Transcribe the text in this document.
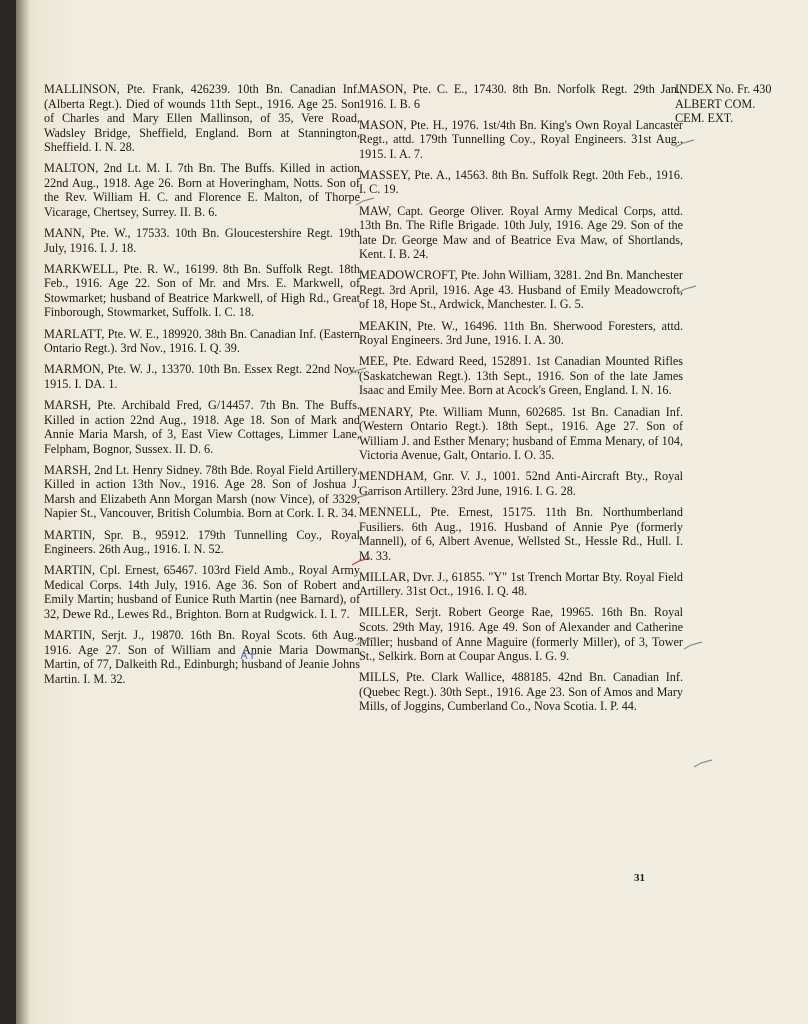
MALLINSON, Pte. Frank, 426239. 10th Bn. Canadian Inf. (Alberta Regt.). Died of wounds 11th Sept., 1916. Age 25. Son of Charles and Mary Ellen Mallinson, of 35, Vere Road, Wadsley Bridge, Sheffield, England. Born at Stannington, Sheffield. I. N. 28.
MALTON, 2nd Lt. M. I. 7th Bn. The Buffs. Killed in action 22nd Aug., 1918. Age 26. Born at Hoveringham, Notts. Son of the Rev. William H. C. and Florence E. Malton, of Thorpe Vicarage, Chertsey, Surrey. II. B. 6.
MANN, Pte. W., 17533. 10th Bn. Gloucestershire Regt. 19th July, 1916. I. J. 18.
MARKWELL, Pte. R. W., 16199. 8th Bn. Suffolk Regt. 18th Feb., 1916. Age 22. Son of Mr. and Mrs. E. Markwell, of Stowmarket; husband of Beatrice Markwell, of High Rd., Great Finborough, Stowmarket, Suffolk. I. C. 18.
MARLATT, Pte. W. E., 189920. 38th Bn. Canadian Inf. (Eastern Ontario Regt.). 3rd Nov., 1916. I. Q. 39.
MARMON, Pte. W. J., 13370. 10th Bn. Essex Regt. 22nd Nov., 1915. I. DA. 1.
MARSH, Pte. Archibald Fred, G/14457. 7th Bn. The Buffs. Killed in action 22nd Aug., 1918. Age 18. Son of Mark and Annie Maria Marsh, of 3, East View Cottages, Limmer Lane, Felpham, Bognor, Sussex. II. D. 6.
MARSH, 2nd Lt. Henry Sidney. 78th Bde. Royal Field Artillery. Killed in action 13th Nov., 1916. Age 28. Son of Joshua J. Marsh and Elizabeth Ann Morgan Marsh (now Vince), of 3329, Napier St., Vancouver, British Columbia. Born at Cork. I. R. 34.
MARTIN, Spr. B., 95912. 179th Tunnelling Coy., Royal Engineers. 26th Aug., 1916. I. N. 52.
MARTIN, Cpl. Ernest, 65467. 103rd Field Amb., Royal Army Medical Corps. 14th July, 1916. Age 36. Son of Robert and Emily Martin; husband of Eunice Ruth Martin (nee Barnard), of 32, Dewe Rd., Lewes Rd., Brighton. Born at Rudgwick. I. I. 7.
MARTIN, Serjt. J., 19870. 16th Bn. Royal Scots. 6th Aug., 1916. Age 27. Son of William and Annie Maria Dowman Martin, of 77, Dalkeith Rd., Edinburgh; husband of Jeanie Johns Martin. I. M. 32.
MASON, Pte. C. E., 17430. 8th Bn. Norfolk Regt. 29th Jan., 1916. I. B. 6
MASON, Pte. H., 1976. 1st/4th Bn. King's Own Royal Lancaster Regt., attd. 179th Tunnelling Coy., Royal Engineers. 31st Aug., 1915. I. A. 7.
MASSEY, Pte. A., 14563. 8th Bn. Suffolk Regt. 20th Feb., 1916. I. C. 19.
MAW, Capt. George Oliver. Royal Army Medical Corps, attd. 13th Bn. The Rifle Brigade. 10th July, 1916. Age 29. Son of the late Dr. George Maw and of Beatrice Eva Maw, of Shortlands, Kent. I. B. 24.
MEADOWCROFT, Pte. John William, 3281. 2nd Bn. Manchester Regt. 3rd April, 1916. Age 43. Husband of Emily Meadowcroft, of 18, Hope St., Ardwick, Manchester. I. G. 5.
MEAKIN, Pte. W., 16496. 11th Bn. Sherwood Foresters, attd. Royal Engineers. 3rd June, 1916. I. A. 30.
MEE, Pte. Edward Reed, 152891. 1st Canadian Mounted Rifles (Saskatchewan Regt.). 13th Sept., 1916. Son of the late James Isaac and Emily Mee. Born at Acock's Green, England. I. N. 16.
MENARY, Pte. William Munn, 602685. 1st Bn. Canadian Inf. (Western Ontario Regt.). 18th Sept., 1916. Age 27. Son of William J. and Esther Menary; husband of Emma Menary, of 104, Victoria Avenue, Galt, Ontario. I. O. 35.
MENDHAM, Gnr. V. J., 1001. 52nd Anti-Aircraft Bty., Royal Garrison Artillery. 23rd June, 1916. I. G. 28.
MENNELL, Pte. Ernest, 15175. 11th Bn. Northumberland Fusiliers. 6th Aug., 1916. Husband of Annie Pye (formerly Mannell), of 6, Albert Avenue, Wellsted St., Hessle Rd., Hull. I. M. 33.
MILLAR, Dvr. J., 61855. "Y" 1st Trench Mortar Bty. Royal Field Artillery. 31st Oct., 1916. I. Q. 48.
MILLER, Serjt. Robert George Rae, 19965. 16th Bn. Royal Scots. 29th May, 1916. Age 49. Son of Alexander and Catherine Miller; husband of Anne Maguire (formerly Miller), of 3, Tower St., Selkirk. Born at Coupar Angus. I. G. 9.
MILLS, Pte. Clark Wallice, 488185. 42nd Bn. Canadian Inf. (Quebec Regt.). 30th Sept., 1916. Age 23. Son of Amos and Mary Mills, of Joggins, Cumberland Co., Nova Scotia. I. P. 44.
INDEX No. Fr. 430
ALBERT COM.
CEM. EXT.
31
